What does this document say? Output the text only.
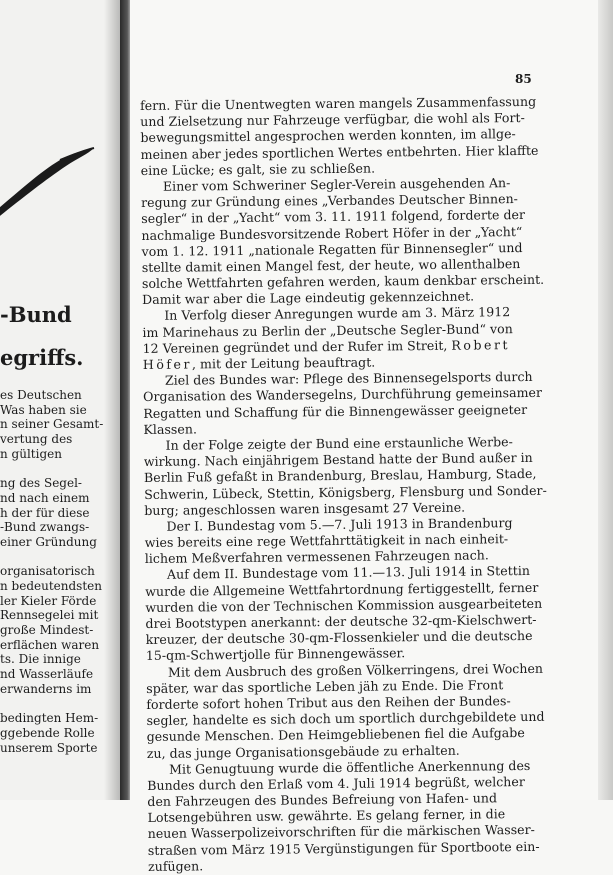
-Bund
egriffs.
es Deutschen
Was haben sie
n seiner Gesamt-
vertung des
n gültigen
ng des Segel-
nd nach einem
h der für diese
-Bund zwangs-
einer Gründung
organisatorisch
n bedeutendsten
ler Kieler Förde
Rennsegelei mit
große Mindest-
erflächen waren
ts. Die innige
nd Wasserläufe
erwanderns im
bedingten Hem-
ggebende Rolle
unserem Sporte
85
fern. Für die Unentwegten waren mangels Zusammenfassung
und Zielsetzung nur Fahrzeuge verfügbar, die wohl als Fort-
bewegungsmittel angesprochen werden konnten, im allge-
meinen aber jedes sportlichen Wertes entbehrten. Hier klaffte
eine Lücke; es galt, sie zu schließen.
Einer vom Schweriner Segler-Verein ausgehenden An-
regung zur Gründung eines „Verbandes Deutscher Binnen-
segler“ in der „Yacht“ vom 3. 11. 1911 folgend, forderte der
nachmalige Bundesvorsitzende Robert Höfer in der „Yacht“
vom 1. 12. 1911 „nationale Regatten für Binnensegler“ und
stellte damit einen Mangel fest, der heute, wo allenthalben
solche Wettfahrten gefahren werden, kaum denkbar erscheint.
Damit war aber die Lage eindeutig gekennzeichnet.
In Verfolg dieser Anregungen wurde am 3. März 1912
im Marinehaus zu Berlin der „Deutsche Segler-Bund“ von
12 Vereinen gegründet und der Rufer im Streit, Robert
Höfer, mit der Leitung beauftragt.
Ziel des Bundes war: Pflege des Binnensegelsports durch
Organisation des Wandersegelns, Durchführung gemeinsamer
Regatten und Schaffung für die Binnengewässer geeigneter
Klassen.
In der Folge zeigte der Bund eine erstaunliche Werbe-
wirkung. Nach einjährigem Bestand hatte der Bund außer in
Berlin Fuß gefaßt in Brandenburg, Breslau, Hamburg, Stade,
Schwerin, Lübeck, Stettin, Königsberg, Flensburg und Sonder-
burg; angeschlossen waren insgesamt 27 Vereine.
Der I. Bundestag vom 5.—7. Juli 1913 in Brandenburg
wies bereits eine rege Wettfahrttätigkeit in nach einheit-
lichem Meßverfahren vermessenen Fahrzeugen nach.
Auf dem II. Bundestage vom 11.—13. Juli 1914 in Stettin
wurde die Allgemeine Wettfahrtordnung fertiggestellt, ferner
wurden die von der Technischen Kommission ausgearbeiteten
drei Bootstypen anerkannt: der deutsche 32-qm-Kielschwert-
kreuzer, der deutsche 30-qm-Flossenkieler und die deutsche
15-qm-Schwertjolle für Binnengewässer.
Mit dem Ausbruch des großen Völkerringens, drei Wochen
später, war das sportliche Leben jäh zu Ende. Die Front
forderte sofort hohen Tribut aus den Reihen der Bundes-
segler, handelte es sich doch um sportlich durchgebildete und
gesunde Menschen. Den Heimgebliebenen fiel die Aufgabe
zu, das junge Organisationsgebäude zu erhalten.
Mit Genugtuung wurde die öffentliche Anerkennung des
Bundes durch den Erlaß vom 4. Juli 1914 begrüßt, welcher
den Fahrzeugen des Bundes Befreiung von Hafen- und
Lotsengebühren usw. gewährte. Es gelang ferner, in die
neuen Wasserpolizeivorschriften für die märkischen Wasser-
straßen vom März 1915 Vergünstigungen für Sportboote ein-
zufügen.
